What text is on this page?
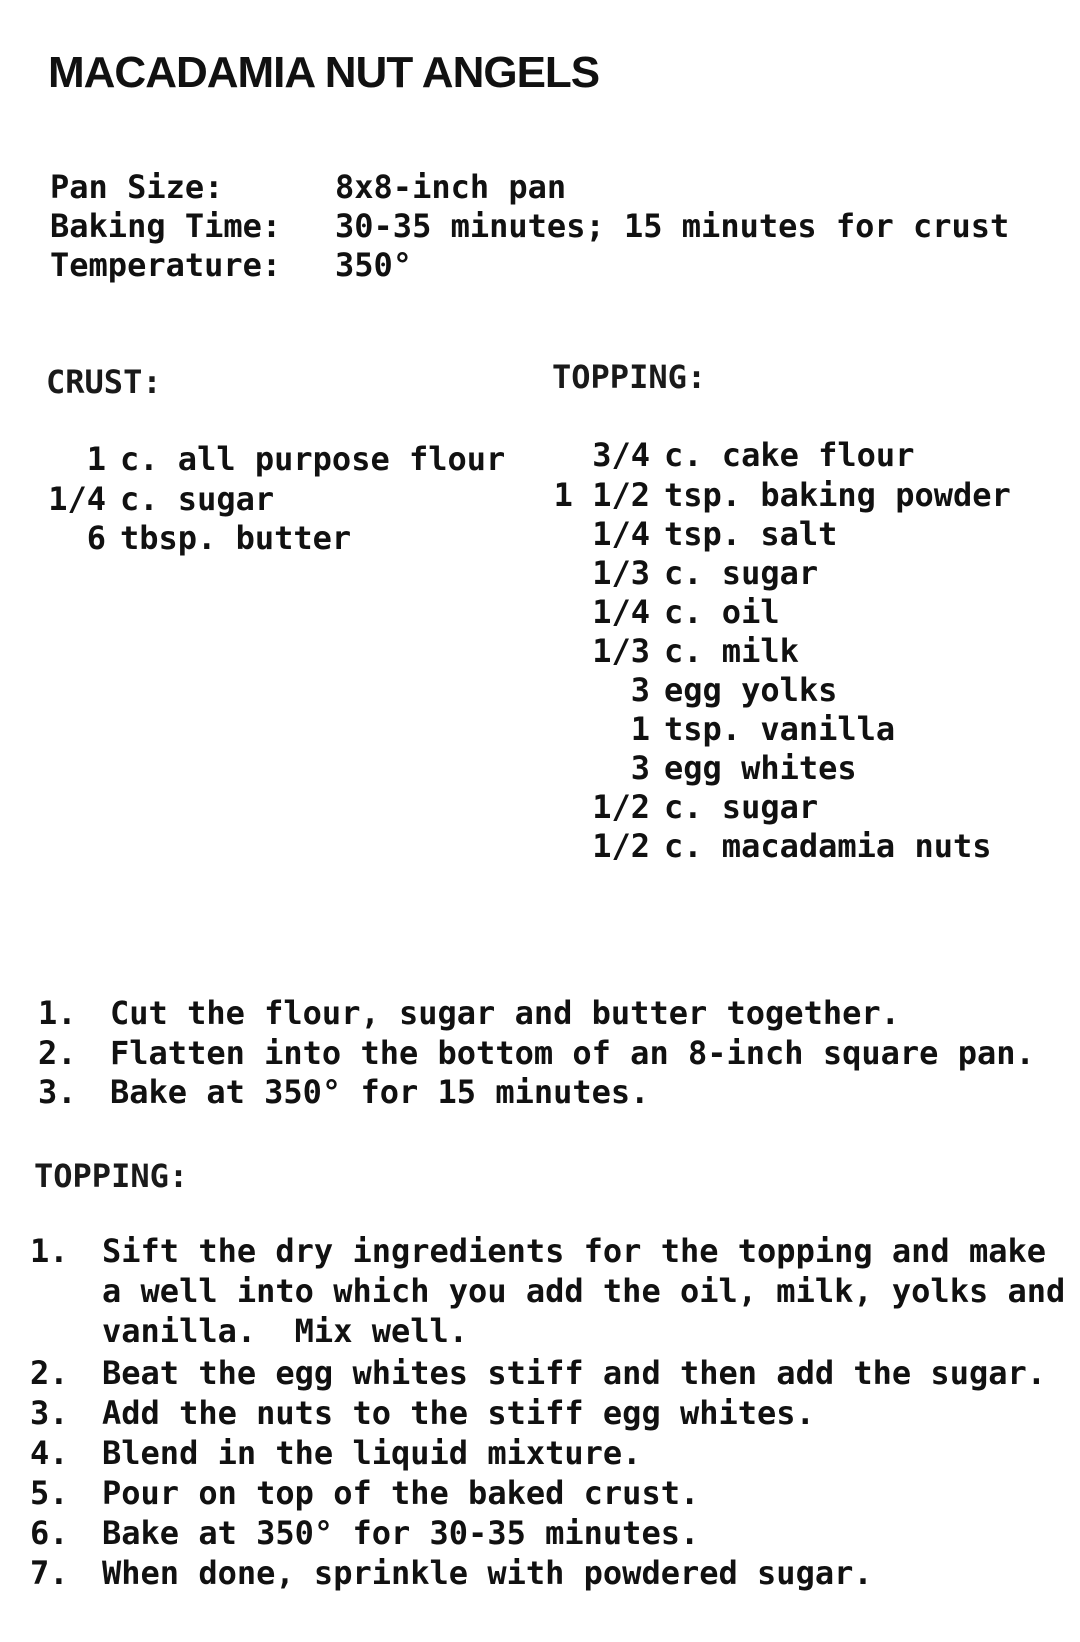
MACADAMIA NUT ANGELS
Pan Size:	8x8-inch pan
Baking Time: 30-35 minutes; 15 minutes for crust
Temperature: 350°
CRUST:	TOPPING:
1 c. all purpose flour
1/4 c. sugar
6 tbsp. butter
3/4 c. cake flour
1 1/2 tsp. baking powder
1/4 tsp. salt
1/3 c. sugar
1/4 c. oil
1/3 c. milk
3 egg yolks
1 tsp. vanilla
3 egg whites
1/2 c. sugar
1/2 c. macadamia nuts
1. Cut the flour, sugar and butter together.
2. Flatten into the bottom of an 8-inch square pan.
3. Bake at 350° for 15 minutes.
TOPPING:
1. Sift the dry ingredients for the topping and make
a well into which you add the oil, milk, yolks and
vanilla.  Mix well.
2. Beat the egg whites stiff and then add the sugar.
3. Add the nuts to the stiff egg whites.
4. Blend in the liquid mixture.
5. Pour on top of the baked crust.
6. Bake at 350° for 30-35 minutes.
7. When done, sprinkle with powdered sugar.
